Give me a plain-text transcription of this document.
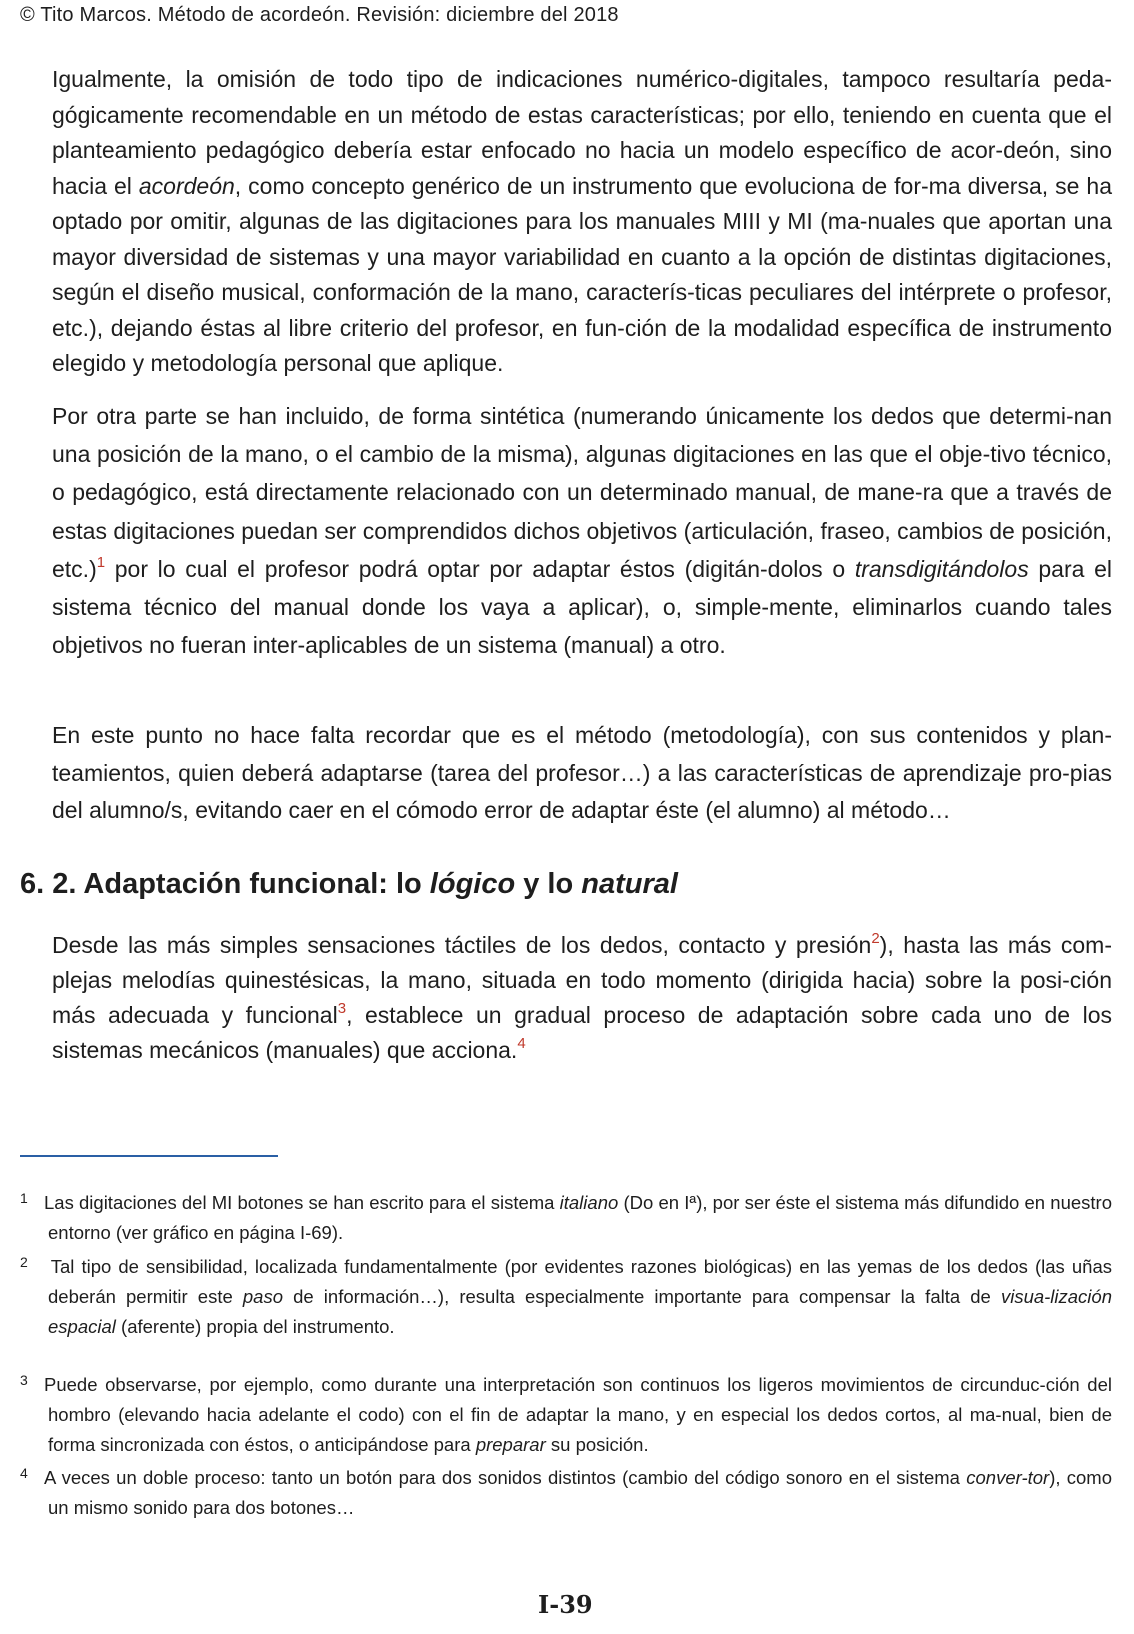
© Tito Marcos. Método de acordeón. Revisión: diciembre del 2018
Igualmente, la omisión de todo tipo de indicaciones numérico-digitales, tampoco resultaría peda-gógicamente recomendable en un método de estas características; por ello, teniendo en cuenta que el planteamiento pedagógico debería estar enfocado no hacia un modelo específico de acor-deón, sino hacia el acordeón, como concepto genérico de un instrumento que evoluciona de for-ma diversa, se ha optado por omitir, algunas de las digitaciones para los manuales MIII y MI (ma-nuales que aportan una mayor diversidad de sistemas y una mayor variabilidad en cuanto a la opción de distintas digitaciones, según el diseño musical, conformación de la mano, caracterís-ticas peculiares del intérprete o profesor, etc.), dejando éstas al libre criterio del profesor, en fun-ción de la modalidad específica de instrumento elegido y metodología personal que aplique.
Por otra parte se han incluido, de forma sintética (numerando únicamente los dedos que determi-nan una posición de la mano, o el cambio de la misma), algunas digitaciones en las que el obje-tivo técnico, o pedagógico, está directamente relacionado con un determinado manual, de mane-ra que a través de estas digitaciones puedan ser comprendidos dichos objetivos (articulación, fraseo, cambios de posición, etc.)$^1$ por lo cual el profesor podrá optar por adaptar éstos (digitán-dolos o transdigitándolos para el sistema técnico del manual donde los vaya a aplicar), o, simple-mente, eliminarlos cuando tales objetivos no fueran inter-aplicables de un sistema (manual) a otro.
En este punto no hace falta recordar que es el método (metodología), con sus contenidos y plan-teamientos, quien deberá adaptarse (tarea del profesor…) a las características de aprendizaje pro-pias del alumno/s, evitando caer en el cómodo error de adaptar éste (el alumno) al método…
6. 2. Adaptación funcional: lo lógico y lo natural
Desde las más simples sensaciones táctiles de los dedos, contacto y presión$^2$), hasta las más com-plejas melodías quinestésicas, la mano, situada en todo momento (dirigida hacia) sobre la posi-ción más adecuada y funcional$^3$, establece un gradual proceso de adaptación sobre cada uno de los sistemas mecánicos (manuales) que acciona.$^4$

1 Las digitaciones del MI botones se han escrito para el sistema italiano (Do en Iª), por ser éste el sistema más difundido en nuestro entorno (ver gráfico en página I-69).

2 Tal tipo de sensibilidad, localizada fundamentalmente (por evidentes razones biológicas) en las yemas de los dedos (las uñas deberán permitir este paso de información…), resulta especialmente importante para compensar la falta de visua-lización espacial (aferente) propia del instrumento.

3 Puede observarse, por ejemplo, como durante una interpretación son continuos los ligeros movimientos de circunduc-ción del hombro (elevando hacia adelante el codo) con el fin de adaptar la mano, y en especial los dedos cortos, al ma-nual, bien de forma sincronizada con éstos, o anticipándose para preparar su posición.

4 A veces un doble proceso: tanto un botón para dos sonidos distintos (cambio del código sonoro en el sistema conver-tor), como un mismo sonido para dos botones…

I-39
